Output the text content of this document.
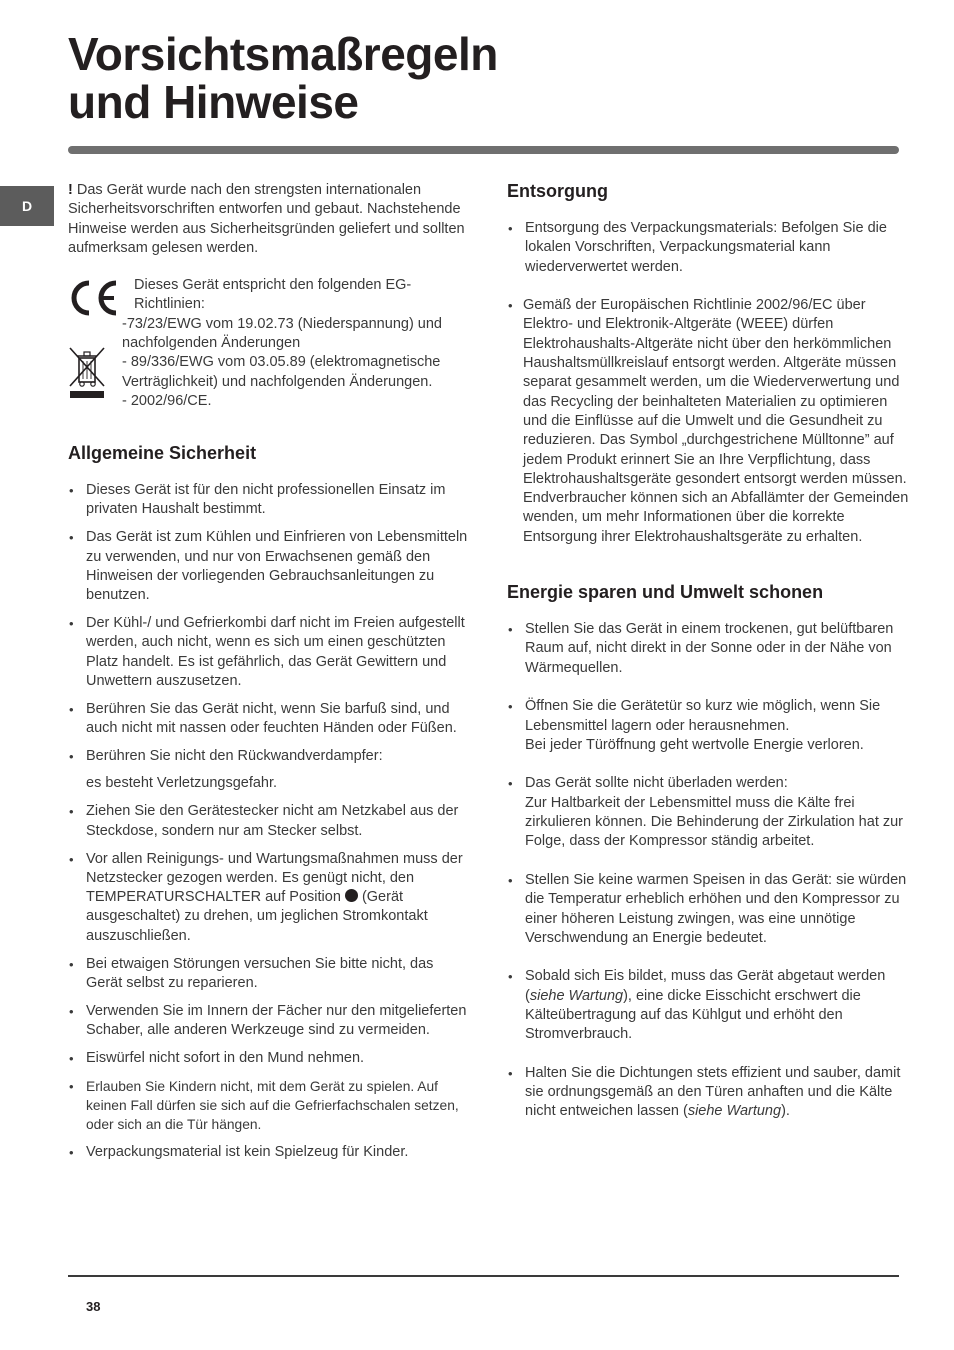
Vorsichtsmaßregeln
und Hinweise
D

! Das Gerät wurde nach den strengsten internationalen Sicherheitsvorschriften entworfen und gebaut. Nachstehende Hinweise werden aus Sicherheitsgründen geliefert und sollten aufmerksam gelesen werden.

Dieses Gerät entspricht den folgenden EG-Richtlinien:

-73/23/EWG vom 19.02.73 (Niederspannung) und nachfolgenden Änderungen

- 89/336/EWG vom 03.05.89 (elektromagnetische Verträglichkeit) und nachfolgenden Änderungen.

- 2002/96/CE.

Allgemeine Sicherheit
• Dieses Gerät ist für den nicht professionellen Einsatz im privaten Haushalt bestimmt.
• Das Gerät ist zum Kühlen und Einfrieren von Lebensmitteln zu verwenden, und nur von Erwachsenen gemäß den Hinweisen der vorliegenden Gebrauchsanleitungen zu benutzen.
• Der Kühl-/ und Gefrierkombi darf nicht im Freien aufgestellt werden, auch nicht, wenn es sich um einen geschützten Platz handelt. Es ist gefährlich, das Gerät Gewittern und Unwettern auszusetzen.
• Berühren Sie das Gerät nicht, wenn Sie barfuß sind, und auch nicht mit nassen oder feuchten Händen oder Füßen.
• Berühren Sie nicht den Rückwandverdampfer:
es besteht Verletzungsgefahr.
• Ziehen Sie den Gerätestecker nicht am Netzkabel aus der Steckdose, sondern nur am Stecker selbst.
• Vor allen Reinigungs- und Wartungsmaßnahmen muss der Netzstecker gezogen werden. Es genügt nicht, den TEMPERATURSCHALTER auf Position  (Gerät ausgeschaltet) zu drehen, um jeglichen Stromkontakt auszuschließen.
• Bei etwaigen Störungen versuchen Sie bitte nicht, das Gerät selbst zu reparieren.
• Verwenden Sie im Innern der Fächer nur den mitgelieferten Schaber, alle anderen Werkzeuge sind zu vermeiden.
• Eiswürfel nicht sofort in den Mund nehmen.
• Erlauben Sie Kindern nicht, mit dem Gerät zu spielen. Auf keinen Fall dürfen sie sich auf die Gefrierfachschalen setzen, oder sich an die Tür hängen.
• Verpackungsmaterial ist kein Spielzeug für Kinder.
Entsorgung
• Entsorgung des Verpackungsmaterials: Befolgen Sie die lokalen Vorschriften, Verpackungsmaterial kann wiederverwertet werden.
• Gemäß der Europäischen Richtlinie 2002/96/EC über Elektro- und Elektronik-Altgeräte (WEEE) dürfen Elektrohaushalts-Altgeräte nicht über den herkömmlichen Haushaltsmüllkreislauf entsorgt werden. Altgeräte müssen separat gesammelt werden, um die Wiederverwertung und das Recycling der beinhalteten Materialien zu optimieren und die Einflüsse auf die Umwelt und die Gesundheit zu reduzieren. Das Symbol „durchgestrichene Mülltonne” auf jedem Produkt erinnert Sie an Ihre Verpflichtung, dass Elektrohaushaltsgeräte gesondert entsorgt werden müssen.
Endverbraucher können sich an Abfallämter der Gemeinden wenden, um mehr Informationen über die korrekte Entsorgung ihrer Elektrohaushaltsgeräte zu erhalten.
Energie sparen und Umwelt schonen
• Stellen Sie das Gerät in einem trockenen, gut belüftbaren Raum auf, nicht direkt in der Sonne oder in der Nähe von Wärmequellen.
• Öffnen Sie die Gerätetür so kurz wie möglich, wenn Sie Lebensmittel lagern oder herausnehmen.
Bei jeder Türöffnung geht wertvolle Energie verloren.
• Das Gerät sollte nicht überladen werden:
Zur Haltbarkeit der Lebensmittel muss die Kälte frei zirkulieren können. Die Behinderung der Zirkulation hat zur Folge, dass der Kompressor ständig arbeitet.
• Stellen Sie keine warmen Speisen in das Gerät: sie würden die Temperatur erheblich erhöhen und den Kompressor zu einer höheren Leistung zwingen, was eine unnötige Verschwendung an Energie bedeutet.
• Sobald sich Eis bildet, muss das Gerät abgetaut werden (siehe Wartung), eine dicke Eisschicht erschwert die Kälteübertragung auf das Kühlgut und erhöht den Stromverbrauch.
• Halten Sie die Dichtungen stets effizient und sauber, damit sie ordnungsgemäß an den Türen anhaften und die Kälte nicht entweichen lassen (siehe Wartung).
38
